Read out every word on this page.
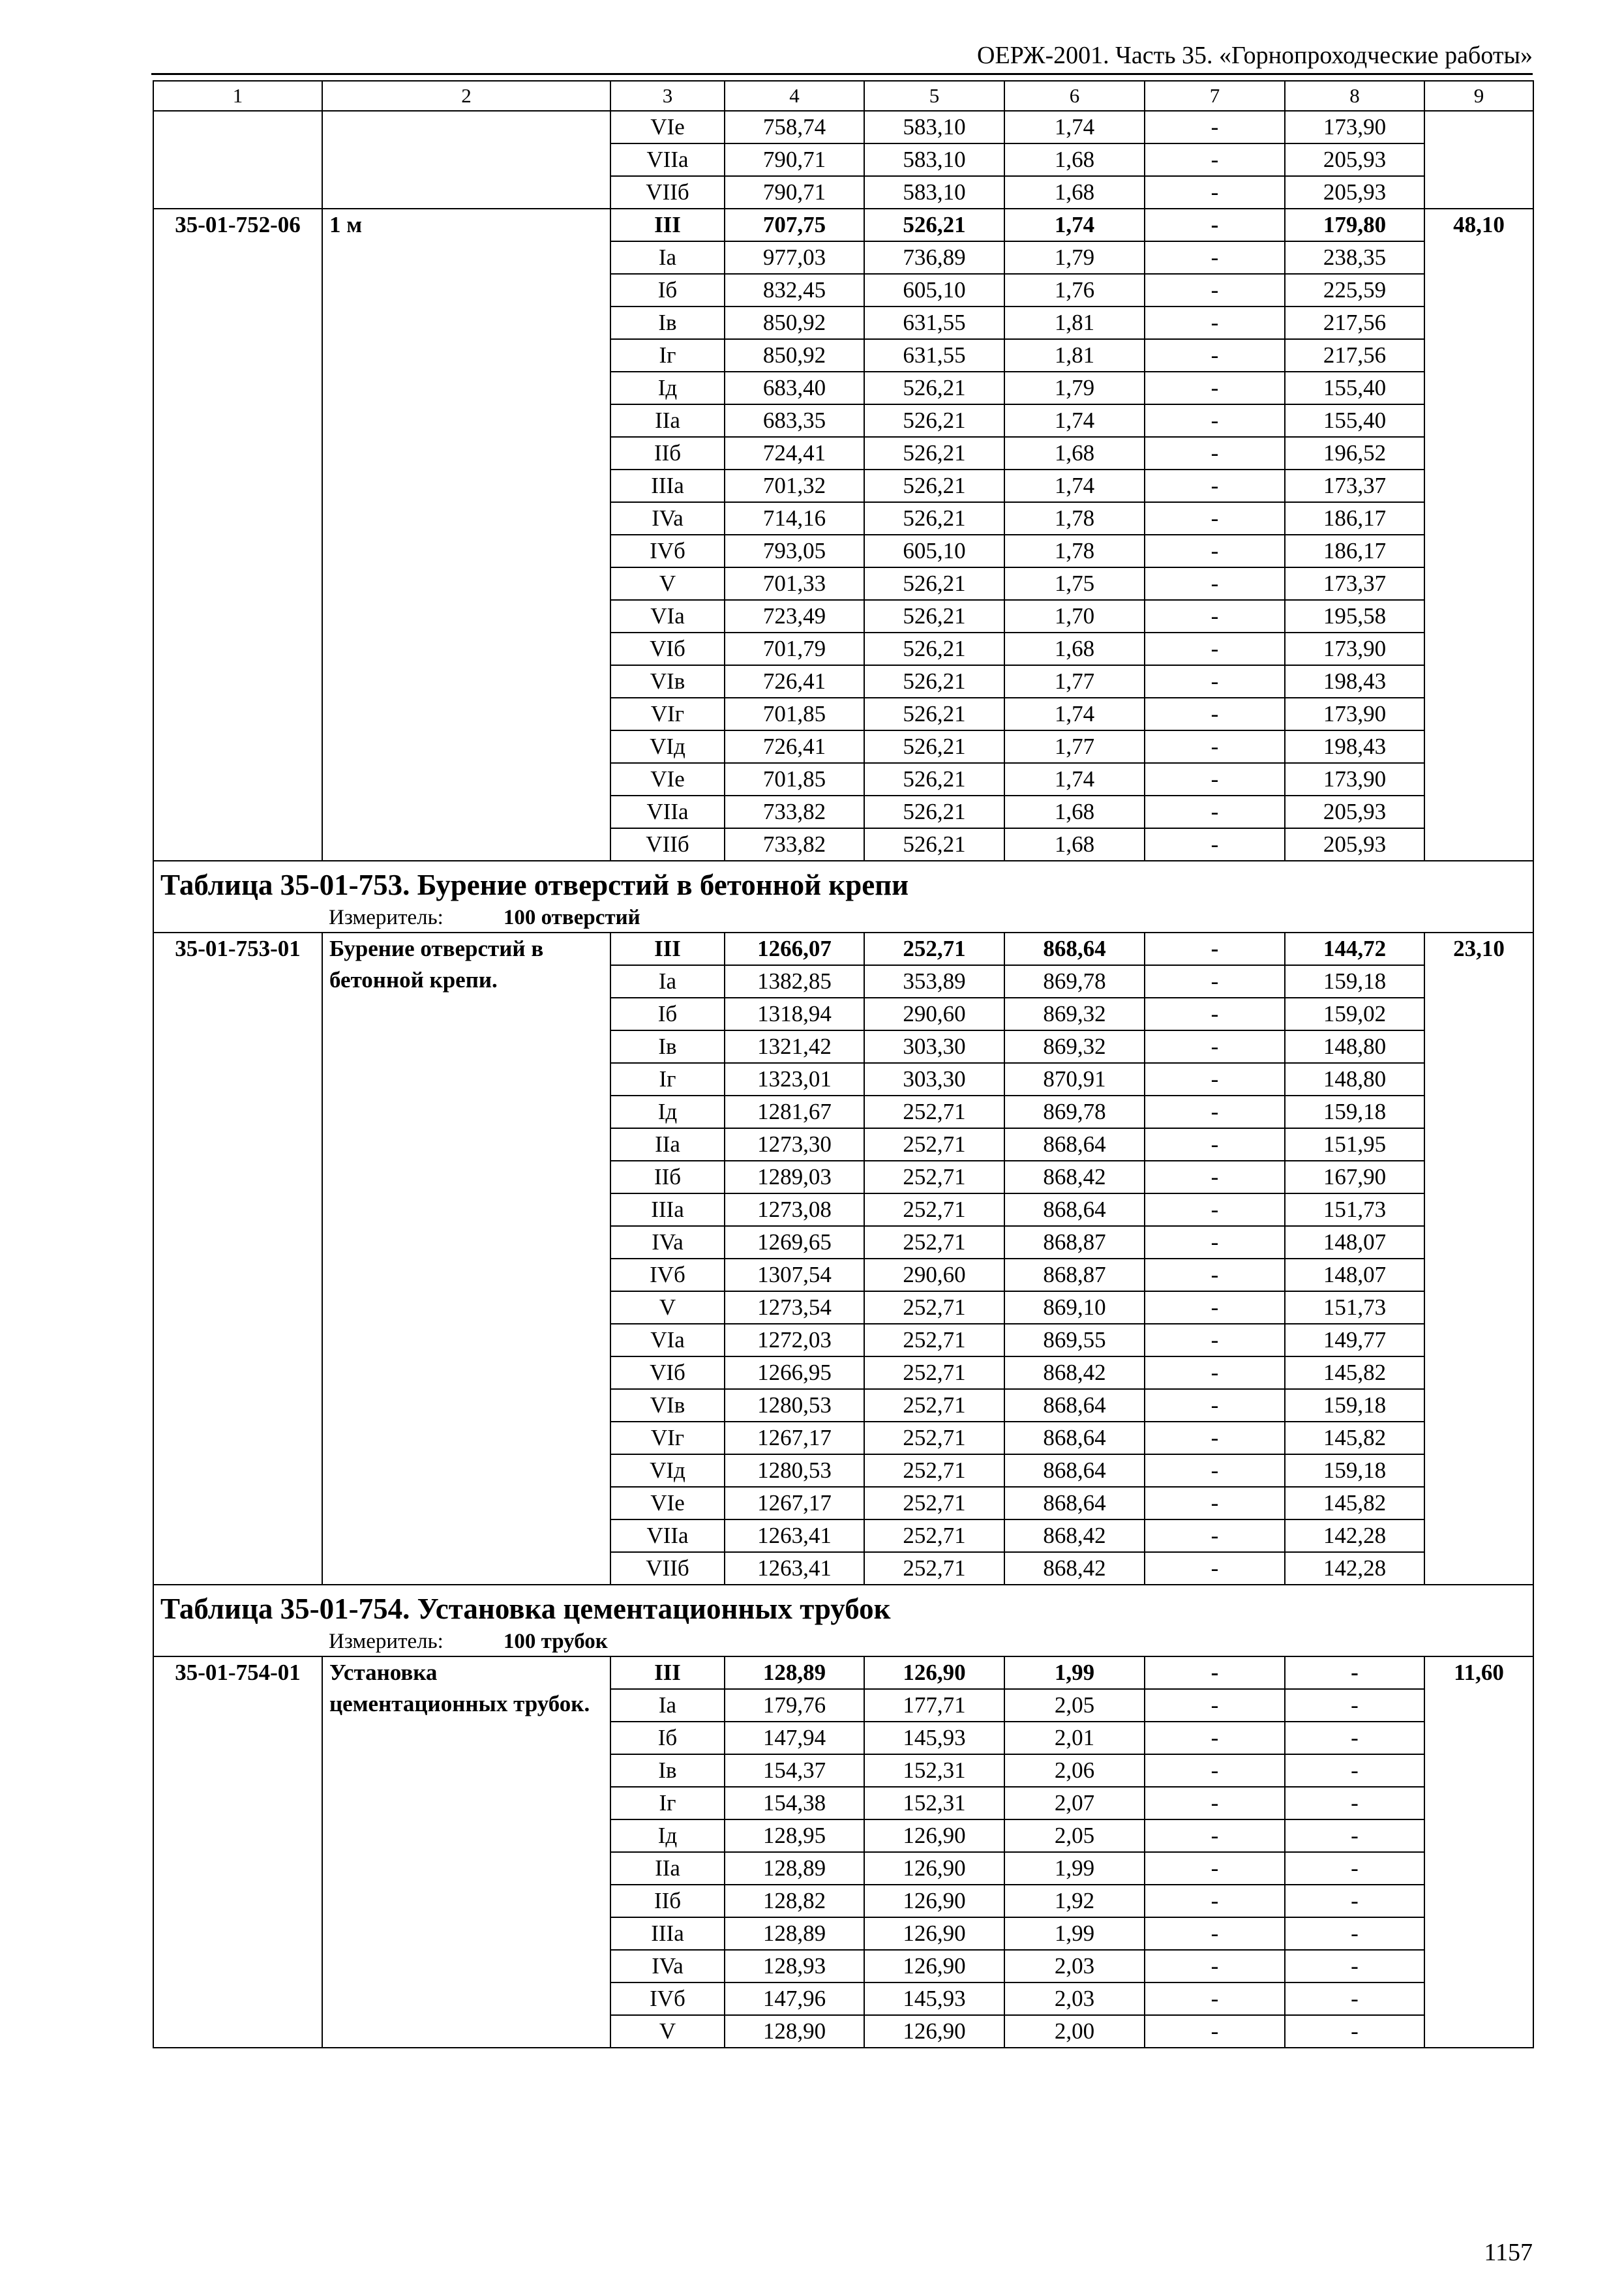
ОЕРЖ-2001. Часть 35. «Горнопроходческие работы»
1	2	3	4	5	6	7	8	9
		VIe	758,74	583,10	1,74	-	173,90	
		VIIa	790,71	583,10	1,68	-	205,93	
		VIIб	790,71	583,10	1,68	-	205,93	
35-01-752-06	1 м	III	707,75	526,21	1,74	-	179,80	48,10
		Ia	977,03	736,89	1,79	-	238,35	
		Iб	832,45	605,10	1,76	-	225,59	
		Iв	850,92	631,55	1,81	-	217,56	
		Iг	850,92	631,55	1,81	-	217,56	
		Iд	683,40	526,21	1,79	-	155,40	
		IIa	683,35	526,21	1,74	-	155,40	
		IIб	724,41	526,21	1,68	-	196,52	
		IIIa	701,32	526,21	1,74	-	173,37	
		IVa	714,16	526,21	1,78	-	186,17	
		IVб	793,05	605,10	1,78	-	186,17	
		V	701,33	526,21	1,75	-	173,37	
		VIa	723,49	526,21	1,70	-	195,58	
		VIб	701,79	526,21	1,68	-	173,90	
		VIв	726,41	526,21	1,77	-	198,43	
		VIг	701,85	526,21	1,74	-	173,90	
		VIд	726,41	526,21	1,77	-	198,43	
		VIe	701,85	526,21	1,74	-	173,90	
		VIIa	733,82	526,21	1,68	-	205,93	
		VIIб	733,82	526,21	1,68	-	205,93	

Таблица 35-01-753. Бурение отверстий в бетонной крепи
Измеритель: 100 отверстий								

35-01-753-01	Бурение отверстий в бетонной крепи.	III	1266,07	252,71	868,64	-	144,72	23,10
		Ia	1382,85	353,89	869,78	-	159,18	
		Iб	1318,94	290,60	869,32	-	159,02	
		Iв	1321,42	303,30	869,32	-	148,80	
		Iг	1323,01	303,30	870,91	-	148,80	
		Iд	1281,67	252,71	869,78	-	159,18	
		IIa	1273,30	252,71	868,64	-	151,95	
		IIб	1289,03	252,71	868,42	-	167,90	
		IIIa	1273,08	252,71	868,64	-	151,73	
		IVa	1269,65	252,71	868,87	-	148,07	
		IVб	1307,54	290,60	868,87	-	148,07	
		V	1273,54	252,71	869,10	-	151,73	
		VIa	1272,03	252,71	869,55	-	149,77	
		VIб	1266,95	252,71	868,42	-	145,82	
		VIв	1280,53	252,71	868,64	-	159,18	
		VIг	1267,17	252,71	868,64	-	145,82	
		VIд	1280,53	252,71	868,64	-	159,18	
		VIe	1267,17	252,71	868,64	-	145,82	
		VIIa	1263,41	252,71	868,42	-	142,28	
		VIIб	1263,41	252,71	868,42	-	142,28	

Таблица 35-01-754. Установка цементационных трубок
Измеритель: 100 трубок								

35-01-754-01	Установка цементационных трубок.	III	128,89	126,90	1,99	-	-	11,60
		Ia	179,76	177,71	2,05	-	-	
		Iб	147,94	145,93	2,01	-	-	
		Iв	154,37	152,31	2,06	-	-	
		Iг	154,38	152,31	2,07	-	-	
		Iд	128,95	126,90	2,05	-	-	
		IIa	128,89	126,90	1,99	-	-	
		IIб	128,82	126,90	1,92	-	-	
		IIIa	128,89	126,90	1,99	-	-	
		IVa	128,93	126,90	2,03	-	-	
		IVб	147,96	145,93	2,03	-	-	
		V	128,90	126,90	2,00	-	-	
1157
